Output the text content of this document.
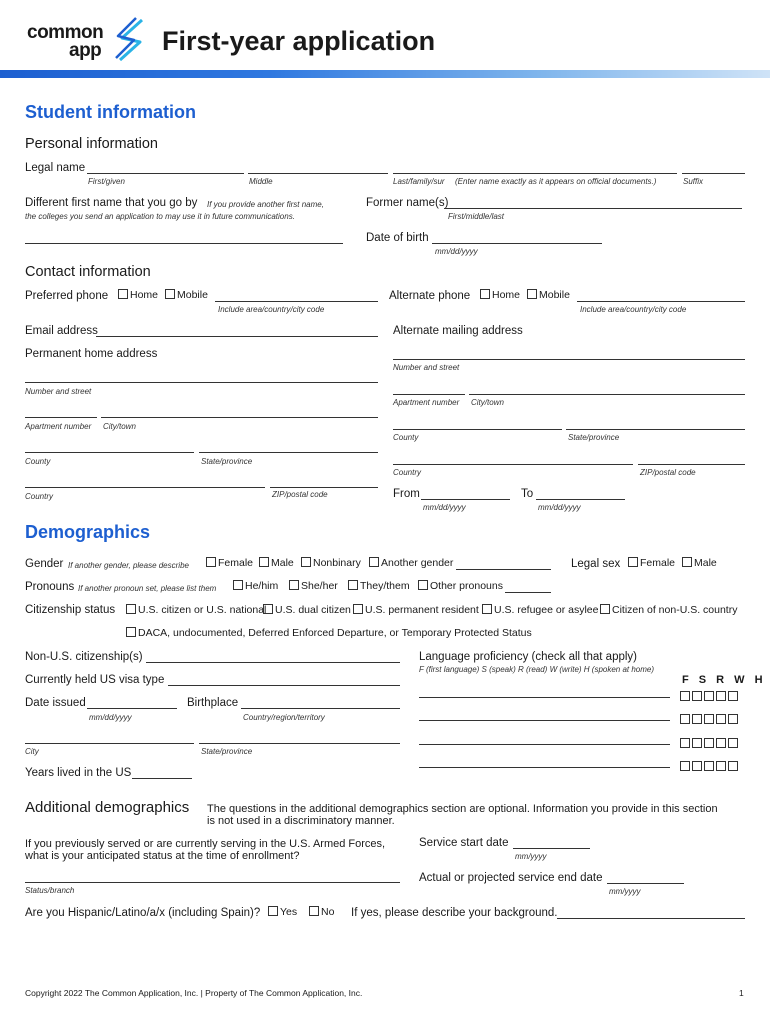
common
app First-year application
Student information
Personal information
Legal name
First/given	Middle	Last/family/sur (Enter name exactly as it appears on official documents.)	Suffix
Different first name that you go by If you provide another first name,
the colleges you send an application to may use it in future communications.
Former name(s)
First/middle/last
Date of birth
mm/dd/yyyy
Contact information
Preferred phone	Home	Mobile
Include area/country/city code
Alternate phone	Home	Mobile
Include area/country/city code
Email address	Alternate mailing address
Permanent home address
Number and street
Apartment number City/town
County	State/province
Country	ZIP/postal code
Number and street
Apartment number City/town
County	State/province
Country	ZIP/postal code
From
mm/dd/yyyy
To
mm/dd/yyyy
Demographics
Gender If another gender, please describe	Female	Male	Nonbinary	Another gender	Legal sex	Female	Male
Pronouns If another pronoun set, please list them	He/him	She/her	They/them	Other pronouns
Citizenship status	U.S. citizen or U.S. national U.S. dual citizen	U.S. permanent resident	U.S. refugee or asylee	Citizen of non-U.S. country
DACA, undocumented, Deferred Enforced Departure, or Temporary Protected Status
Non-U.S. citizenship(s)
Currently held US visa type
Date issued
mm/dd/yyyy
Birthplace
Country/region/territory
City	State/province
Years lived in the US
Language proficiency (check all that apply)
F (first language) S (speak) R (read) W (write) H (spoken at home)
F S R W H
Additional demographics The questions in the additional demographics section are optional. Information you provide in this section
is not used in a discriminatory manner.
If you previously served or are currently serving in the U.S. Armed Forces,
what is your anticipated status at the time of enrollment?
Status/branch
Service start date
mm/yyyy
Actual or projected service end date
mm/yyyy
Are you Hispanic/Latino/a/x (including Spain)?	Yes	No If yes, please describe your background.
Copyright 2022 The Common Application, Inc. | Property of The Common Application, Inc.	1
